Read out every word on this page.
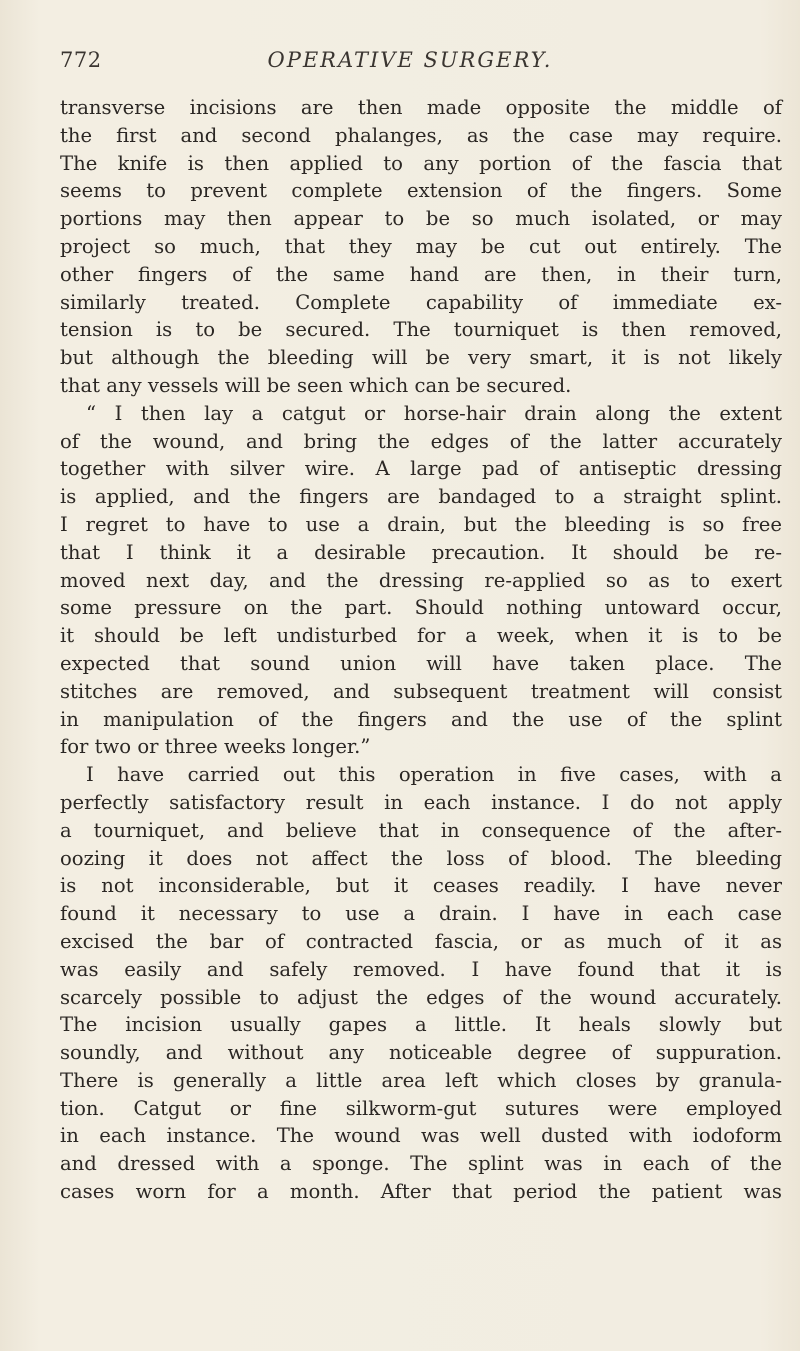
772	OPERATIVE SURGERY.

transverse incisions are then made opposite the middle of
the first and second phalanges, as the case may require.
The knife is then applied to any portion of the fascia that
seems to prevent complete extension of the fingers. Some
portions may then appear to be so much isolated, or may
project so much, that they may be cut out entirely. The
other fingers of the same hand are then, in their turn,
similarly treated. Complete capability of immediate ex-
tension is to be secured. The tourniquet is then removed,
but although the bleeding will be very smart, it is not likely
that any vessels will be seen which can be secured.

“ I then lay a catgut or horse-hair drain along the extent
of the wound, and bring the edges of the latter accurately
together with silver wire. A large pad of antiseptic dressing
is applied, and the fingers are bandaged to a straight splint.
I regret to have to use a drain, but the bleeding is so free
that I think it a desirable precaution. It should be re-
moved next day, and the dressing re-applied so as to exert
some pressure on the part. Should nothing untoward occur,
it should be left undisturbed for a week, when it is to be
expected that sound union will have taken place. The
stitches are removed, and subsequent treatment will consist
in manipulation of the fingers and the use of the splint
for two or three weeks longer.”

I have carried out this operation in five cases, with a
perfectly satisfactory result in each instance. I do not apply
a tourniquet, and believe that in consequence of the after-
oozing it does not affect the loss of blood. The bleeding
is not inconsiderable, but it ceases readily. I have never
found it necessary to use a drain. I have in each case
excised the bar of contracted fascia, or as much of it as
was easily and safely removed. I have found that it is
scarcely possible to adjust the edges of the wound accurately.
The incision usually gapes a little. It heals slowly but
soundly, and without any noticeable degree of suppuration.
There is generally a little area left which closes by granula-
tion. Catgut or fine silkworm-gut sutures were employed
in each instance. The wound was well dusted with iodoform
and dressed with a sponge. The splint was in each of the
cases worn for a month. After that period the patient was
